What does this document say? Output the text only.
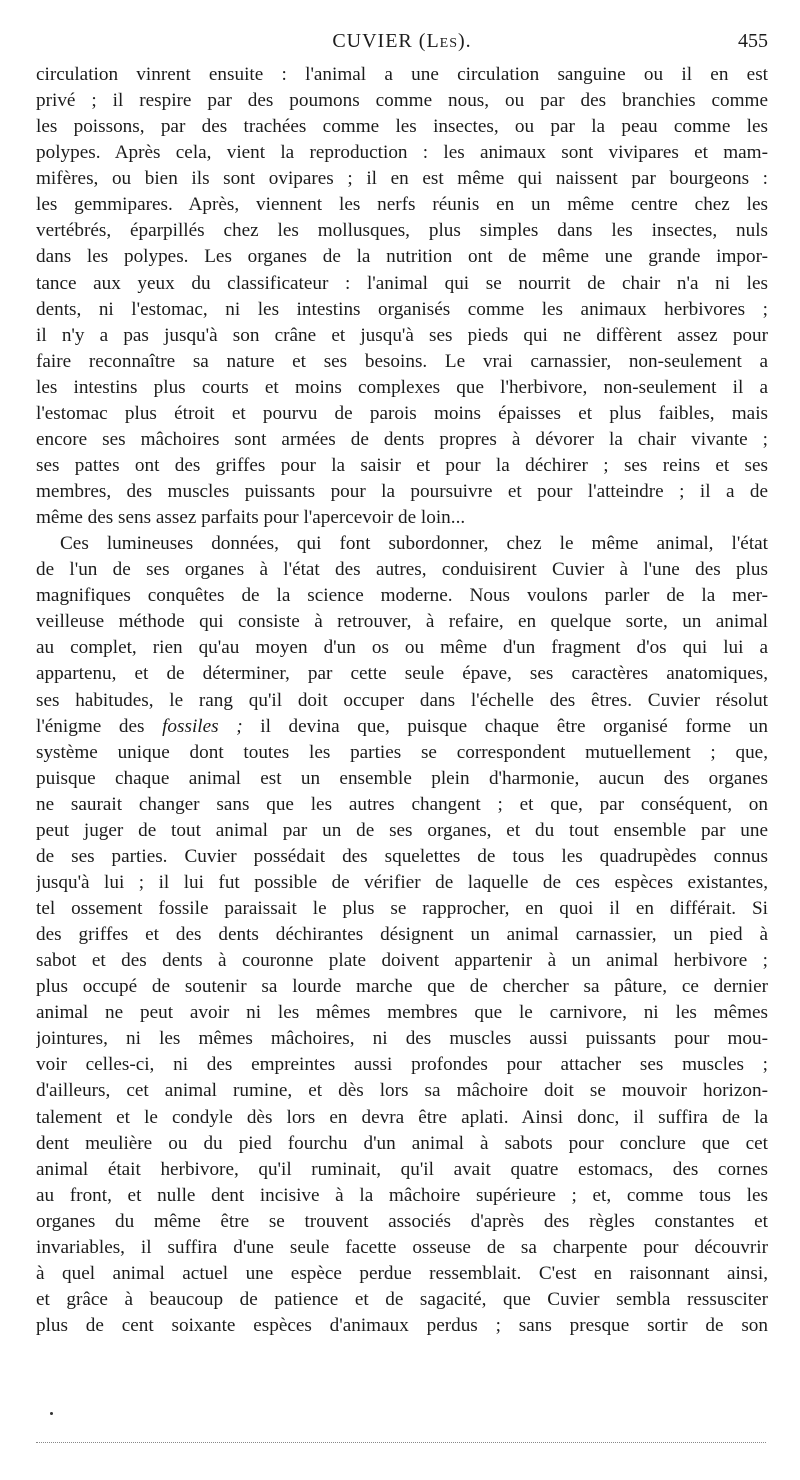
CUVIER (Les).	455
circulation vinrent ensuite : l'animal a une circulation sanguine ou il en est
privé ; il respire par des poumons comme nous, ou par des branchies comme
les poissons, par des trachées comme les insectes, ou par la peau comme les
polypes. Après cela, vient la reproduction : les animaux sont vivipares et mam-
mifères, ou bien ils sont ovipares ; il en est même qui naissent par bourgeons :
les gemmipares. Après, viennent les nerfs réunis en un même centre chez les
vertébrés, éparpillés chez les mollusques, plus simples dans les insectes, nuls
dans les polypes. Les organes de la nutrition ont de même une grande impor-
tance aux yeux du classificateur : l'animal qui se nourrit de chair n'a ni les
dents, ni l'estomac, ni les intestins organisés comme les animaux herbivores ;
il n'y a pas jusqu'à son crâne et jusqu'à ses pieds qui ne diffèrent assez pour
faire reconnaître sa nature et ses besoins. Le vrai carnassier, non-seulement a
les intestins plus courts et moins complexes que l'herbivore, non-seulement il a
l'estomac plus étroit et pourvu de parois moins épaisses et plus faibles, mais
encore ses mâchoires sont armées de dents propres à dévorer la chair vivante ;
ses pattes ont des griffes pour la saisir et pour la déchirer ; ses reins et ses
membres, des muscles puissants pour la poursuivre et pour l'atteindre ; il a de
même des sens assez parfaits pour l'apercevoir de loin...
Ces lumineuses données, qui font subordonner, chez le même animal, l'état
de l'un de ses organes à l'état des autres, conduisirent Cuvier à l'une des plus
magnifiques conquêtes de la science moderne. Nous voulons parler de la mer-
veilleuse méthode qui consiste à retrouver, à refaire, en quelque sorte, un animal
au complet, rien qu'au moyen d'un os ou même d'un fragment d'os qui lui a
appartenu, et de déterminer, par cette seule épave, ses caractères anatomiques,
ses habitudes, le rang qu'il doit occuper dans l'échelle des êtres. Cuvier résolut
l'énigme des fossiles ; il devina que, puisque chaque être organisé forme un
système unique dont toutes les parties se correspondent mutuellement ; que,
puisque chaque animal est un ensemble plein d'harmonie, aucun des organes
ne saurait changer sans que les autres changent ; et que, par conséquent, on
peut juger de tout animal par un de ses organes, et du tout ensemble par une
de ses parties. Cuvier possédait des squelettes de tous les quadrupèdes connus
jusqu'à lui ; il lui fut possible de vérifier de laquelle de ces espèces existantes,
tel ossement fossile paraissait le plus se rapprocher, en quoi il en différait. Si
des griffes et des dents déchirantes désignent un animal carnassier, un pied à
sabot et des dents à couronne plate doivent appartenir à un animal herbivore ;
plus occupé de soutenir sa lourde marche que de chercher sa pâture, ce dernier
animal ne peut avoir ni les mêmes membres que le carnivore, ni les mêmes
jointures, ni les mêmes mâchoires, ni des muscles aussi puissants pour mou-
voir celles-ci, ni des empreintes aussi profondes pour attacher ses muscles ;
d'ailleurs, cet animal rumine, et dès lors sa mâchoire doit se mouvoir horizon-
talement et le condyle dès lors en devra être aplati. Ainsi donc, il suffira de la
dent meulière ou du pied fourchu d'un animal à sabots pour conclure que cet
animal était herbivore, qu'il ruminait, qu'il avait quatre estomacs, des cornes
au front, et nulle dent incisive à la mâchoire supérieure ; et, comme tous les
organes du même être se trouvent associés d'après des règles constantes et
invariables, il suffira d'une seule facette osseuse de sa charpente pour découvrir
à quel animal actuel une espèce perdue ressemblait. C'est en raisonnant ainsi,
et grâce à beaucoup de patience et de sagacité, que Cuvier sembla ressusciter
plus de cent soixante espèces d'animaux perdus ; sans presque sortir de son
